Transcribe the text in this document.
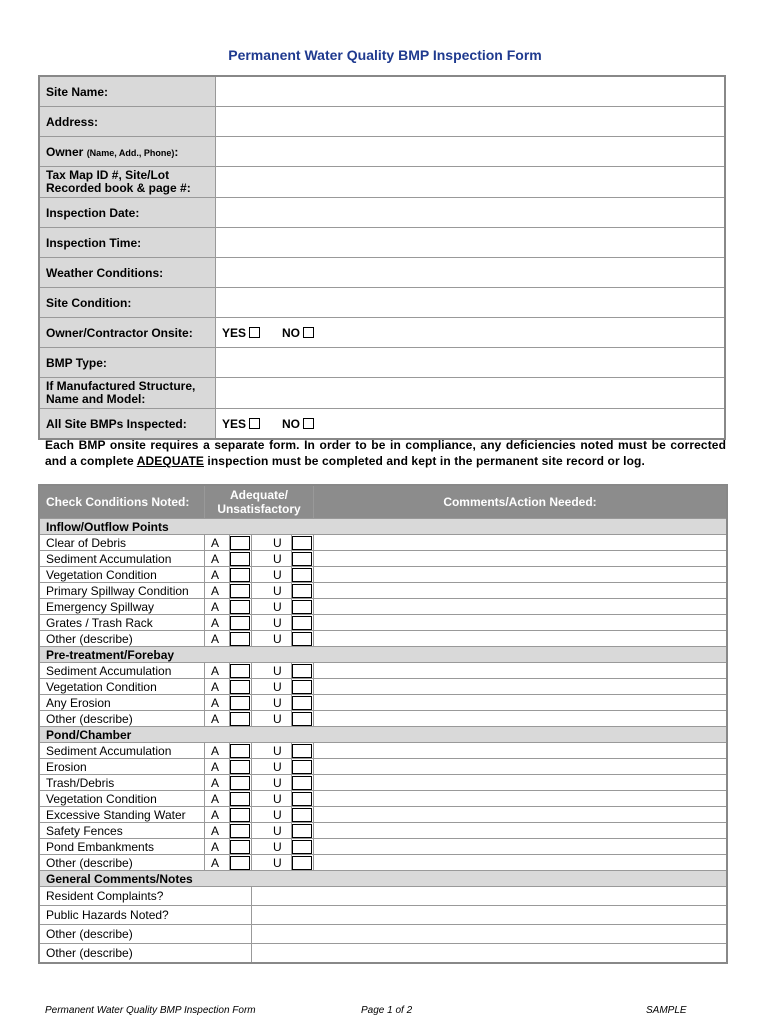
Permanent Water Quality BMP Inspection Form
Site Name:	
Address:	
Owner (Name, Add., Phone):	
Tax Map ID #, Site/Lot Recorded book & page #:	
Inspection Date:	
Inspection Time:	
Weather Conditions:	
Site Condition:	
Owner/Contractor Onsite:	YES NO
BMP Type:	
If Manufactured Structure, Name and Model:	
All Site BMPs Inspected:	YES NO
Each BMP onsite requires a separate form. In order to be in compliance, any deficiencies noted must be corrected and a complete ADEQUATE inspection must be completed and kept in the permanent site record or log.
Check Conditions Noted:	Adequate/ Unsatisfactory					Comments/Action Needed:
Inflow/Outflow Points						
Clear of Debris	A			U	

Sediment Accumulation	A			U	

Vegetation Condition	A			U	

Primary Spillway Condition	A			U	

Emergency Spillway	A			U	

Grates / Trash Rack	A			U	

Other (describe)	A			U	

Pre-treatment/Forebay						
Sediment Accumulation	A			U	

Vegetation Condition	A			U	

Any Erosion	A			U	

Other (describe)	A			U	

Pond/Chamber						
Sediment Accumulation	A			U	

Erosion	A			U	

Trash/Debris	A			U	

Vegetation Condition	A			U	

Excessive Standing Water	A			U	

Safety Fences	A			U	

Pond Embankments	A			U	

Other (describe)	A			U	

General Comments/Notes						
Resident Complaints?						
Public Hazards Noted?						
Other (describe)						
Other (describe)						
Permanent Water Quality BMP Inspection Form	Page 1 of 2	SAMPLE
